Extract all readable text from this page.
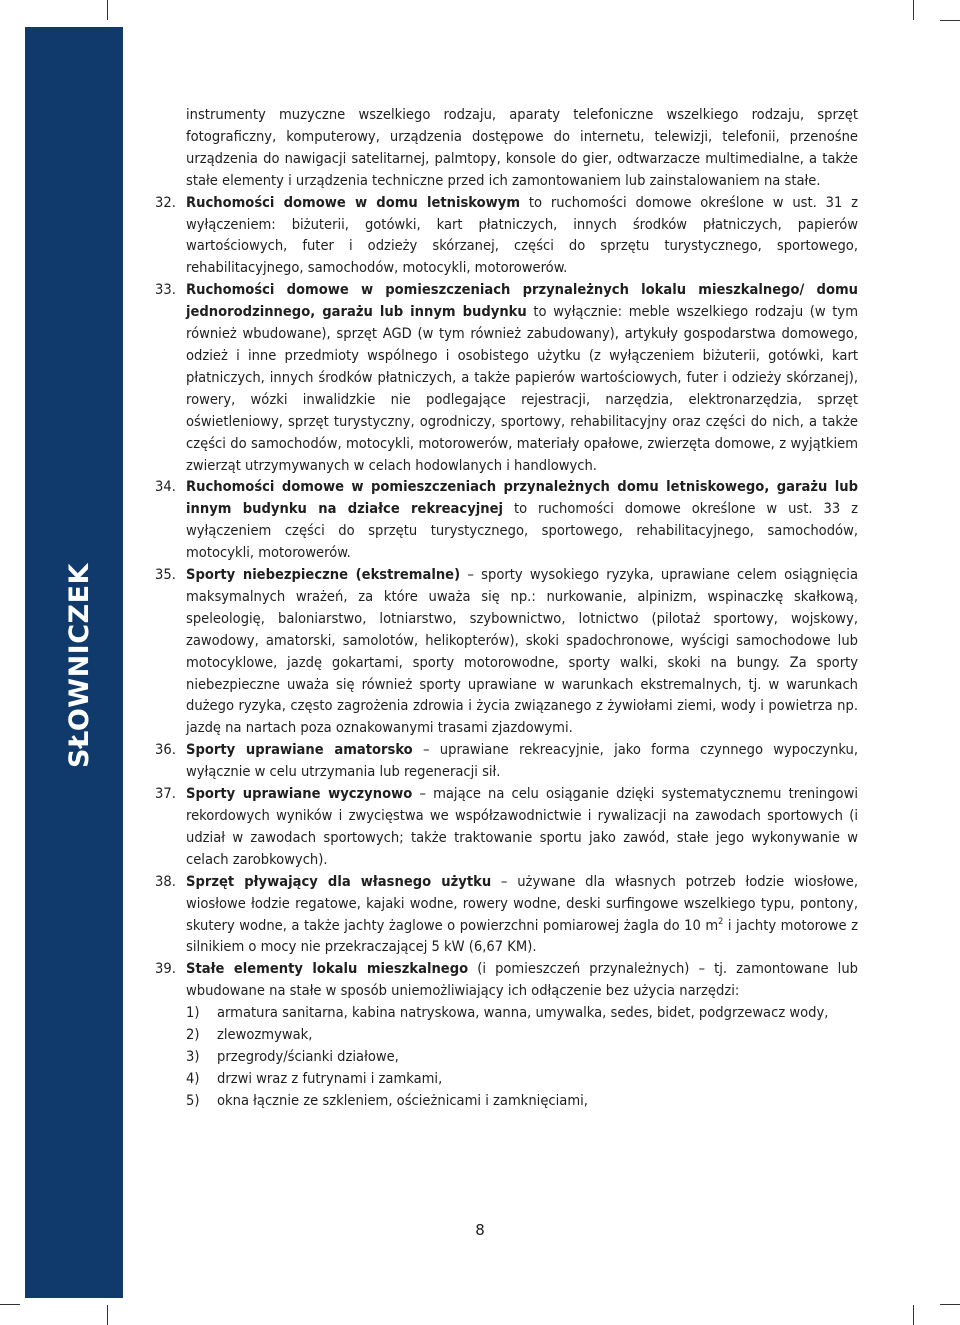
SŁOWNICZEK

instrumenty muzyczne wszelkiego rodzaju, aparaty telefoniczne wszelkiego rodzaju, sprzęt fotograficzny, komputerowy, urządzenia dostępowe do internetu, telewizji, telefonii, przenośne urządzenia do nawigacji satelitarnej, palmtopy, konsole do gier, odtwarzacze multimedialne, a także stałe elementy i urządzenia techniczne przed ich zamontowaniem lub zainstalowaniem na stałe.

32. Ruchomości domowe w domu letniskowym to ruchomości domowe określone w ust. 31 z wyłączeniem: biżuterii, gotówki, kart płatniczych, innych środków płatniczych, papierów wartościowych, futer i odzieży skórzanej, części do sprzętu turystycznego, sportowego, rehabilitacyjnego, samochodów, motocykli, motorowerów.
33. Ruchomości domowe w pomieszczeniach przynależnych lokalu mieszkalnego/ domu jednorodzinnego, garażu lub innym budynku to wyłącznie: meble wszelkiego rodzaju (w tym również wbudowane), sprzęt AGD (w tym również zabudowany), artykuły gospodarstwa domowego, odzież i inne przedmioty wspólnego i osobistego użytku (z wyłączeniem biżuterii, gotówki, kart płatniczych, innych środków płatniczych, a także papierów wartościowych, futer i odzieży skórzanej), rowery, wózki inwalidzkie nie podlegające rejestracji, narzędzia, elektronarzędzia, sprzęt oświetleniowy, sprzęt turystyczny, ogrodniczy, sportowy, rehabilitacyjny oraz części do nich, a także części do samochodów, motocykli, motorowerów, materiały opałowe, zwierzęta domowe, z wyjątkiem zwierząt utrzymywanych w celach hodowlanych i handlowych.
34. Ruchomości domowe w pomieszczeniach przynależnych domu letniskowego, garażu lub innym budynku na działce rekreacyjnej to ruchomości domowe określone w ust. 33 z wyłączeniem części do sprzętu turystycznego, sportowego, rehabilitacyjnego, samochodów, motocykli, motorowerów.
35. Sporty niebezpieczne (ekstremalne) – sporty wysokiego ryzyka, uprawiane celem osiągnięcia maksymalnych wrażeń, za które uważa się np.: nurkowanie, alpinizm, wspinaczkę skałkową, speleologię, baloniarstwo, lotniarstwo, szybownictwo, lotnictwo (pilotaż sportowy, wojskowy, zawodowy, amatorski, samolotów, helikopterów), skoki spadochronowe, wyścigi samochodowe lub motocyklowe, jazdę gokartami, sporty motorowodne, sporty walki, skoki na bungy. Za sporty niebezpieczne uważa się również sporty uprawiane w warunkach ekstremalnych, tj. w warunkach dużego ryzyka, często zagrożenia zdrowia i życia związanego z żywiołami ziemi, wody i powietrza np. jazdę na nartach poza oznakowanymi trasami zjazdowymi.
36. Sporty uprawiane amatorsko – uprawiane rekreacyjnie, jako forma czynnego wypoczynku, wyłącznie w celu utrzymania lub regeneracji sił.
37. Sporty uprawiane wyczynowo – mające na celu osiąganie dzięki systematycznemu treningowi rekordowych wyników i zwycięstwa we współzawodnictwie i rywalizacji na zawodach sportowych (i udział w zawodach sportowych; także traktowanie sportu jako zawód, stałe jego wykonywanie w celach zarobkowych).
38. Sprzęt pływający dla własnego użytku – używane dla własnych potrzeb łodzie wiosłowe, wiosłowe łodzie regatowe, kajaki wodne, rowery wodne, deski surfingowe wszelkiego typu, pontony, skutery wodne, a także jachty żaglowe o powierzchni pomiarowej żagla do 10 $m^2$ i jachty motorowe z silnikiem o mocy nie przekraczającej 5 kW (6,67 KM).
39. Stałe elementy lokalu mieszkalnego (i pomieszczeń przynależnych) – tj. zamontowane lub wbudowane na stałe w sposób uniemożliwiający ich odłączenie bez użycia narzędzi:
1) armatura sanitarna, kabina natryskowa, wanna, umywalka, sedes, bidet, podgrzewacz wody,
2) zlewozmywak,
3) przegrody/ścianki działowe,
4) drzwi wraz z futrynami i zamkami,
5) okna łącznie ze szkleniem, ościeżnicami i zamknięciami,
8
